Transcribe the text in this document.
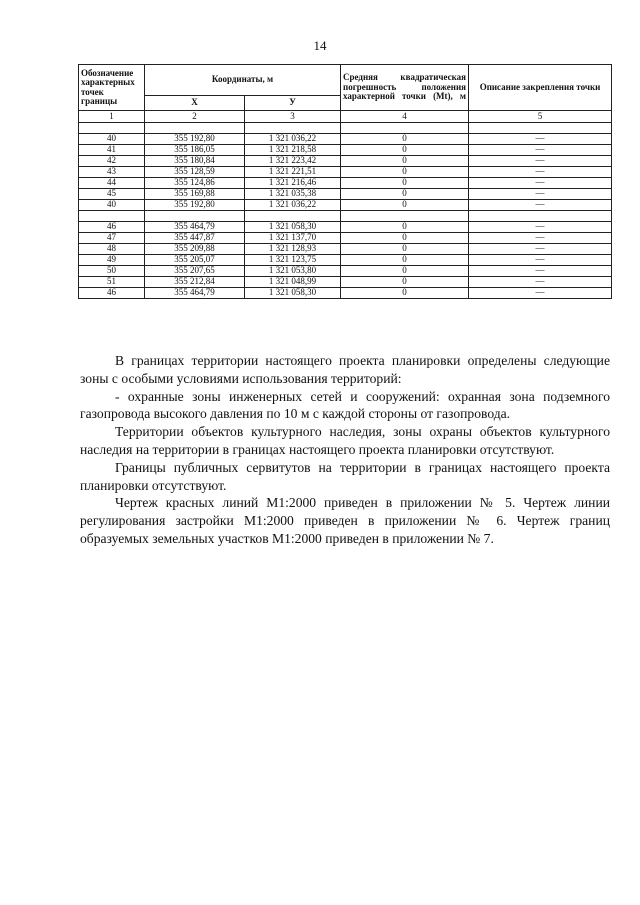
14
Обозначение
характерных
точек
границы	Координаты, м		Средняя квадратическая
погрешность положения
характерной точки (Mt), м	Описание закрепления точки
	X	У		
1	2	3	4	5

40	355 192,80	1 321 036,22	0	—
41	355 186,05	1 321 218,58	0	—
42	355 180,84	1 321 223,42	0	—
43	355 128,59	1 321 221,51	0	—
44	355 124,86	1 321 216,46	0	—
45	355 169,88	1 321 035,38	0	—
40	355 192,80	1 321 036,22	0	—

46	355 464,79	1 321 058,30	0	—
47	355 447,87	1 321 137,70	0	—
48	355 209,88	1 321 128,93	0	—
49	355 205,07	1 321 123,75	0	—
50	355 207,65	1 321 053,80	0	—
51	355 212,84	1 321 048,99	0	—
46	355 464,79	1 321 058,30	0	—

В границах территории настоящего проекта планировки определены следующие зоны с особыми условиями использования территорий:

- охранные зоны инженерных сетей и сооружений: охранная зона подземного газопровода высокого давления по 10 м с каждой стороны от газопровода.

Территории объектов культурного наследия, зоны охраны объектов культурного наследия на территории в границах настоящего проекта планировки отсутствуют.

Границы публичных сервитутов на территории в границах настоящего проекта планировки отсутствуют.

Чертеж красных линий М1:2000 приведен в приложении № 5. Чертеж линии регулирования застройки М1:2000 приведен в приложении № 6. Чертеж границ образуемых земельных участков М1:2000 приведен в приложении № 7.
